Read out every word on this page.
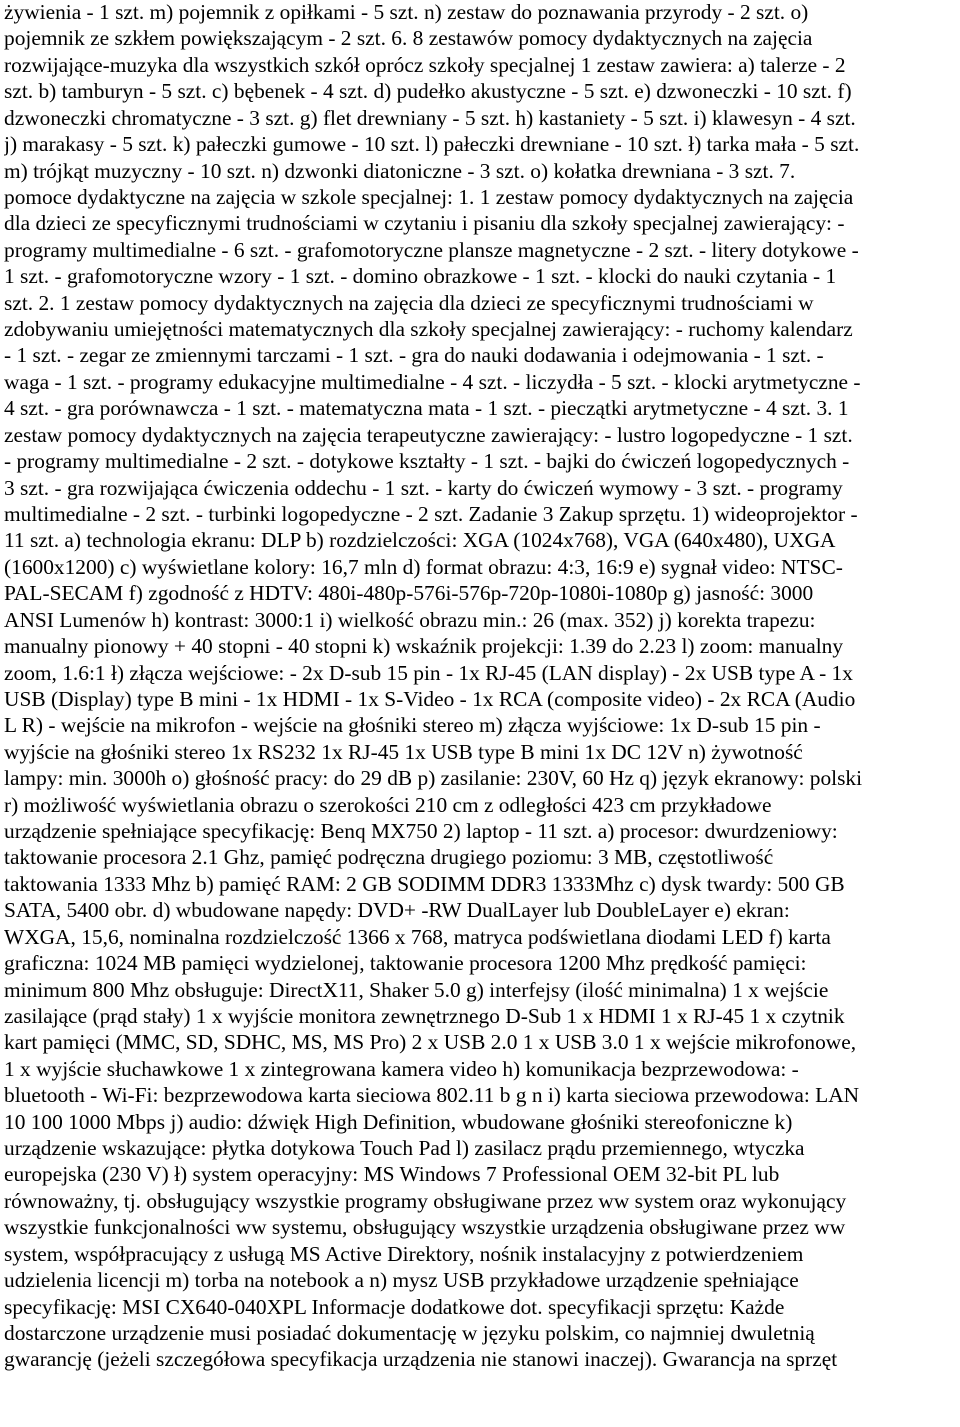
żywienia - 1 szt. m) pojemnik z opiłkami - 5 szt. n) zestaw do poznawania przyrody - 2 szt. o)
pojemnik ze szkłem powiększającym - 2 szt. 6. 8 zestawów pomocy dydaktycznych na zajęcia
rozwijające-muzyka dla wszystkich szkół oprócz szkoły specjalnej 1 zestaw zawiera: a) talerze - 2
szt. b) tamburyn - 5 szt. c) bębenek - 4 szt. d) pudełko akustyczne - 5 szt. e) dzwoneczki - 10 szt. f)
dzwoneczki chromatyczne - 3 szt. g) flet drewniany - 5 szt. h) kastaniety - 5 szt. i) klawesyn - 4 szt.
j) marakasy - 5 szt. k) pałeczki gumowe - 10 szt. l) pałeczki drewniane - 10 szt. ł) tarka mała - 5 szt.
m) trójkąt muzyczny - 10 szt. n) dzwonki diatoniczne - 3 szt. o) kołatka drewniana - 3 szt. 7.
pomoce dydaktyczne na zajęcia w szkole specjalnej: 1. 1 zestaw pomocy dydaktycznych na zajęcia
dla dzieci ze specyficznymi trudnościami w czytaniu i pisaniu dla szkoły specjalnej zawierający: -
programy multimedialne - 6 szt. - grafomotoryczne plansze magnetyczne - 2 szt. - litery dotykowe -
1 szt. - grafomotoryczne wzory - 1 szt. - domino obrazkowe - 1 szt. - klocki do nauki czytania - 1
szt. 2. 1 zestaw pomocy dydaktycznych na zajęcia dla dzieci ze specyficznymi trudnościami w
zdobywaniu umiejętności matematycznych dla szkoły specjalnej zawierający: - ruchomy kalendarz
- 1 szt. - zegar ze zmiennymi tarczami - 1 szt. - gra do nauki dodawania i odejmowania - 1 szt. -
waga - 1 szt. - programy edukacyjne multimedialne - 4 szt. - liczydła - 5 szt. - klocki arytmetyczne -
4 szt. - gra porównawcza - 1 szt. - matematyczna mata - 1 szt. - pieczątki arytmetyczne - 4 szt. 3. 1
zestaw pomocy dydaktycznych na zajęcia terapeutyczne zawierający: - lustro logopedyczne - 1 szt.
- programy multimedialne - 2 szt. - dotykowe kształty - 1 szt. - bajki do ćwiczeń logopedycznych -
3 szt. - gra rozwijająca ćwiczenia oddechu - 1 szt. - karty do ćwiczeń wymowy - 3 szt. - programy
multimedialne - 2 szt. - turbinki logopedyczne - 2 szt. Zadanie 3 Zakup sprzętu. 1) wideoprojektor -
11 szt. a) technologia ekranu: DLP b) rozdzielczości: XGA (1024x768), VGA (640x480), UXGA
(1600x1200) c) wyświetlane kolory: 16,7 mln d) format obrazu: 4:3, 16:9 e) sygnał video: NTSC-
PAL-SECAM f) zgodność z HDTV: 480i-480p-576i-576p-720p-1080i-1080p g) jasność: 3000
ANSI Lumenów h) kontrast: 3000:1 i) wielkość obrazu min.: 26 (max. 352) j) korekta trapezu:
manualny pionowy + 40 stopni - 40 stopni k) wskaźnik projekcji: 1.39 do 2.23 l) zoom: manualny
zoom, 1.6:1 ł) złącza wejściowe: - 2x D-sub 15 pin - 1x RJ-45 (LAN display) - 2x USB type A - 1x
USB (Display) type B mini - 1x HDMI - 1x S-Video - 1x RCA (composite video) - 2x RCA (Audio
L R) - wejście na mikrofon - wejście na głośniki stereo m) złącza wyjściowe: 1x D-sub 15 pin -
wyjście na głośniki stereo 1x RS232 1x RJ-45 1x USB type B mini 1x DC 12V n) żywotność
lampy: min. 3000h o) głośność pracy: do 29 dB p) zasilanie: 230V, 60 Hz q) język ekranowy: polski
r) możliwość wyświetlania obrazu o szerokości 210 cm z odległości 423 cm przykładowe
urządzenie spełniające specyfikację: Benq MX750 2) laptop - 11 szt. a) procesor: dwurdzeniowy:
taktowanie procesora 2.1 Ghz, pamięć podręczna drugiego poziomu: 3 MB, częstotliwość
taktowania 1333 Mhz b) pamięć RAM: 2 GB SODIMM DDR3 1333Mhz c) dysk twardy: 500 GB
SATA, 5400 obr. d) wbudowane napędy: DVD+ -RW DualLayer lub DoubleLayer e) ekran:
WXGA, 15,6, nominalna rozdzielczość 1366 x 768, matryca podświetlana diodami LED f) karta
graficzna: 1024 MB pamięci wydzielonej, taktowanie procesora 1200 Mhz prędkość pamięci:
minimum 800 Mhz obsługuje: DirectX11, Shaker 5.0 g) interfejsy (ilość minimalna) 1 x wejście
zasilające (prąd stały) 1 x wyjście monitora zewnętrznego D-Sub 1 x HDMI 1 x RJ-45 1 x czytnik
kart pamięci (MMC, SD, SDHC, MS, MS Pro) 2 x USB 2.0 1 x USB 3.0 1 x wejście mikrofonowe,
1 x wyjście słuchawkowe 1 x zintegrowana kamera video h) komunikacja bezprzewodowa: -
bluetooth - Wi-Fi: bezprzewodowa karta sieciowa 802.11 b g n i) karta sieciowa przewodowa: LAN
10 100 1000 Mbps j) audio: dźwięk High Definition, wbudowane głośniki stereofoniczne k)
urządzenie wskazujące: płytka dotykowa Touch Pad l) zasilacz prądu przemiennego, wtyczka
europejska (230 V) ł) system operacyjny: MS Windows 7 Professional OEM 32-bit PL lub
równoważny, tj. obsługujący wszystkie programy obsługiwane przez ww system oraz wykonujący
wszystkie funkcjonalności ww systemu, obsługujący wszystkie urządzenia obsługiwane przez ww
system, współpracujący z usługą MS Active Direktory, nośnik instalacyjny z potwierdzeniem
udzielenia licencji m) torba na notebook a n) mysz USB przykładowe urządzenie spełniające
specyfikację: MSI CX640-040XPL Informacje dodatkowe dot. specyfikacji sprzętu: Każde
dostarczone urządzenie musi posiadać dokumentację w języku polskim, co najmniej dwuletnią
gwarancję (jeżeli szczegółowa specyfikacja urządzenia nie stanowi inaczej). Gwarancja na sprzęt
